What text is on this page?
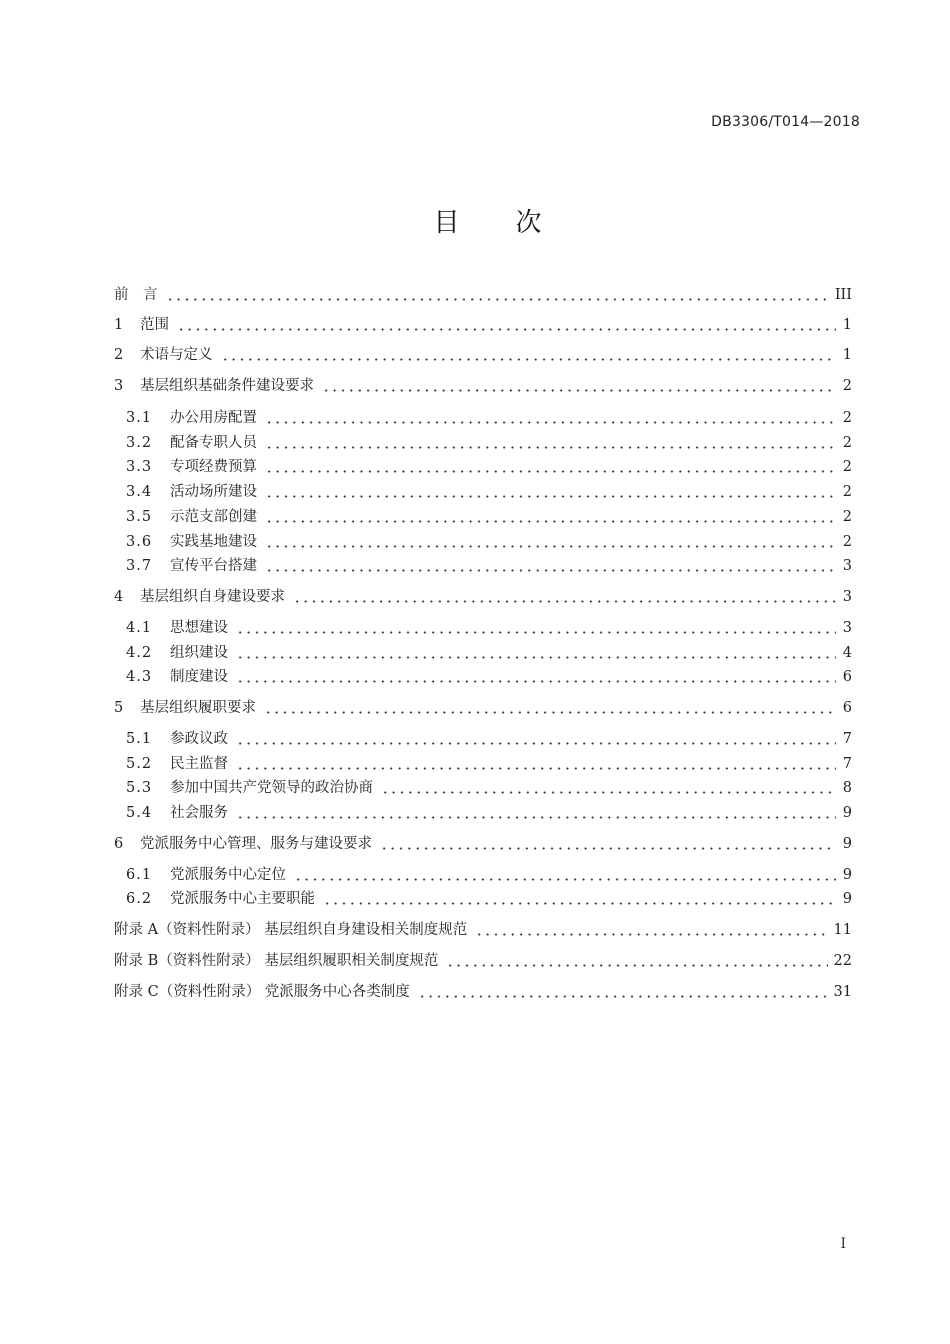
DB3306/T014—2018
目次
前　言	III
1	范围	1
2	术语与定义	1
3	基层组织基础条件建设要求	2
3.1	办公用房配置	2
3.2	配备专职人员	2
3.3	专项经费预算	2
3.4	活动场所建设	2
3.5	示范支部创建	2
3.6	实践基地建设	2
3.7	宣传平台搭建	3
4	基层组织自身建设要求	3
4.1	思想建设	3
4.2	组织建设	4
4.3	制度建设	6
5	基层组织履职要求	6
5.1	参政议政	7
5.2	民主监督	7
5.3	参加中国共产党领导的政治协商	8
5.4	社会服务	9
6	党派服务中心管理、服务与建设要求	9
6.1	党派服务中心定位	9
6.2	党派服务中心主要职能	9
附录 A（资料性附录） 基层组织自身建设相关制度规范	11
附录 B（资料性附录） 基层组织履职相关制度规范	22
附录 C（资料性附录） 党派服务中心各类制度	31
I
